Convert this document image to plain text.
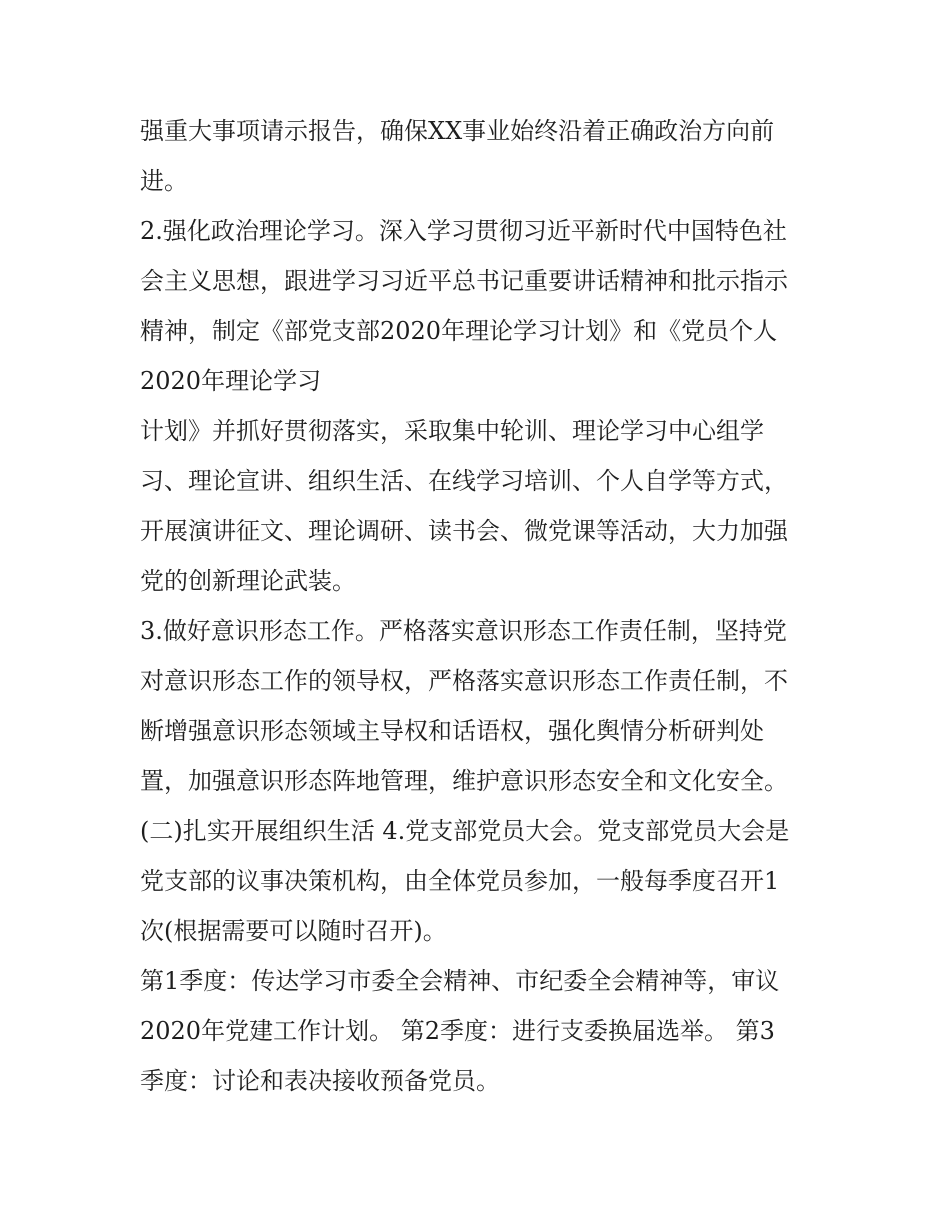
强重大事项请示报告，确保XX事业始终沿着正确政治方向前
进。
2.强化政治理论学习。深入学习贯彻习近平新时代中国特色社
会主义思想，跟进学习习近平总书记重要讲话精神和批示指示
精神，制定《部党支部2020年理论学习计划》和《党员个人
2020年理论学习
计划》并抓好贯彻落实，采取集中轮训、理论学习中心组学
习、理论宣讲、组织生活、在线学习培训、个人自学等方式，
开展演讲征文、理论调研、读书会、微党课等活动，大力加强
党的创新理论武装。
3.做好意识形态工作。严格落实意识形态工作责任制，坚持党
对意识形态工作的领导权，严格落实意识形态工作责任制，不
断增强意识形态领域主导权和话语权，强化舆情分析研判处
置，加强意识形态阵地管理，维护意识形态安全和文化安全。
(二)扎实开展组织生活 4.党支部党员大会。党支部党员大会是
党支部的议事决策机构，由全体党员参加，一般每季度召开1
次(根据需要可以随时召开)。
第1季度：传达学习市委全会精神、市纪委全会精神等，审议
2020年党建工作计划。 第2季度：进行支委换届选举。 第3
季度：讨论和表决接收预备党员。
